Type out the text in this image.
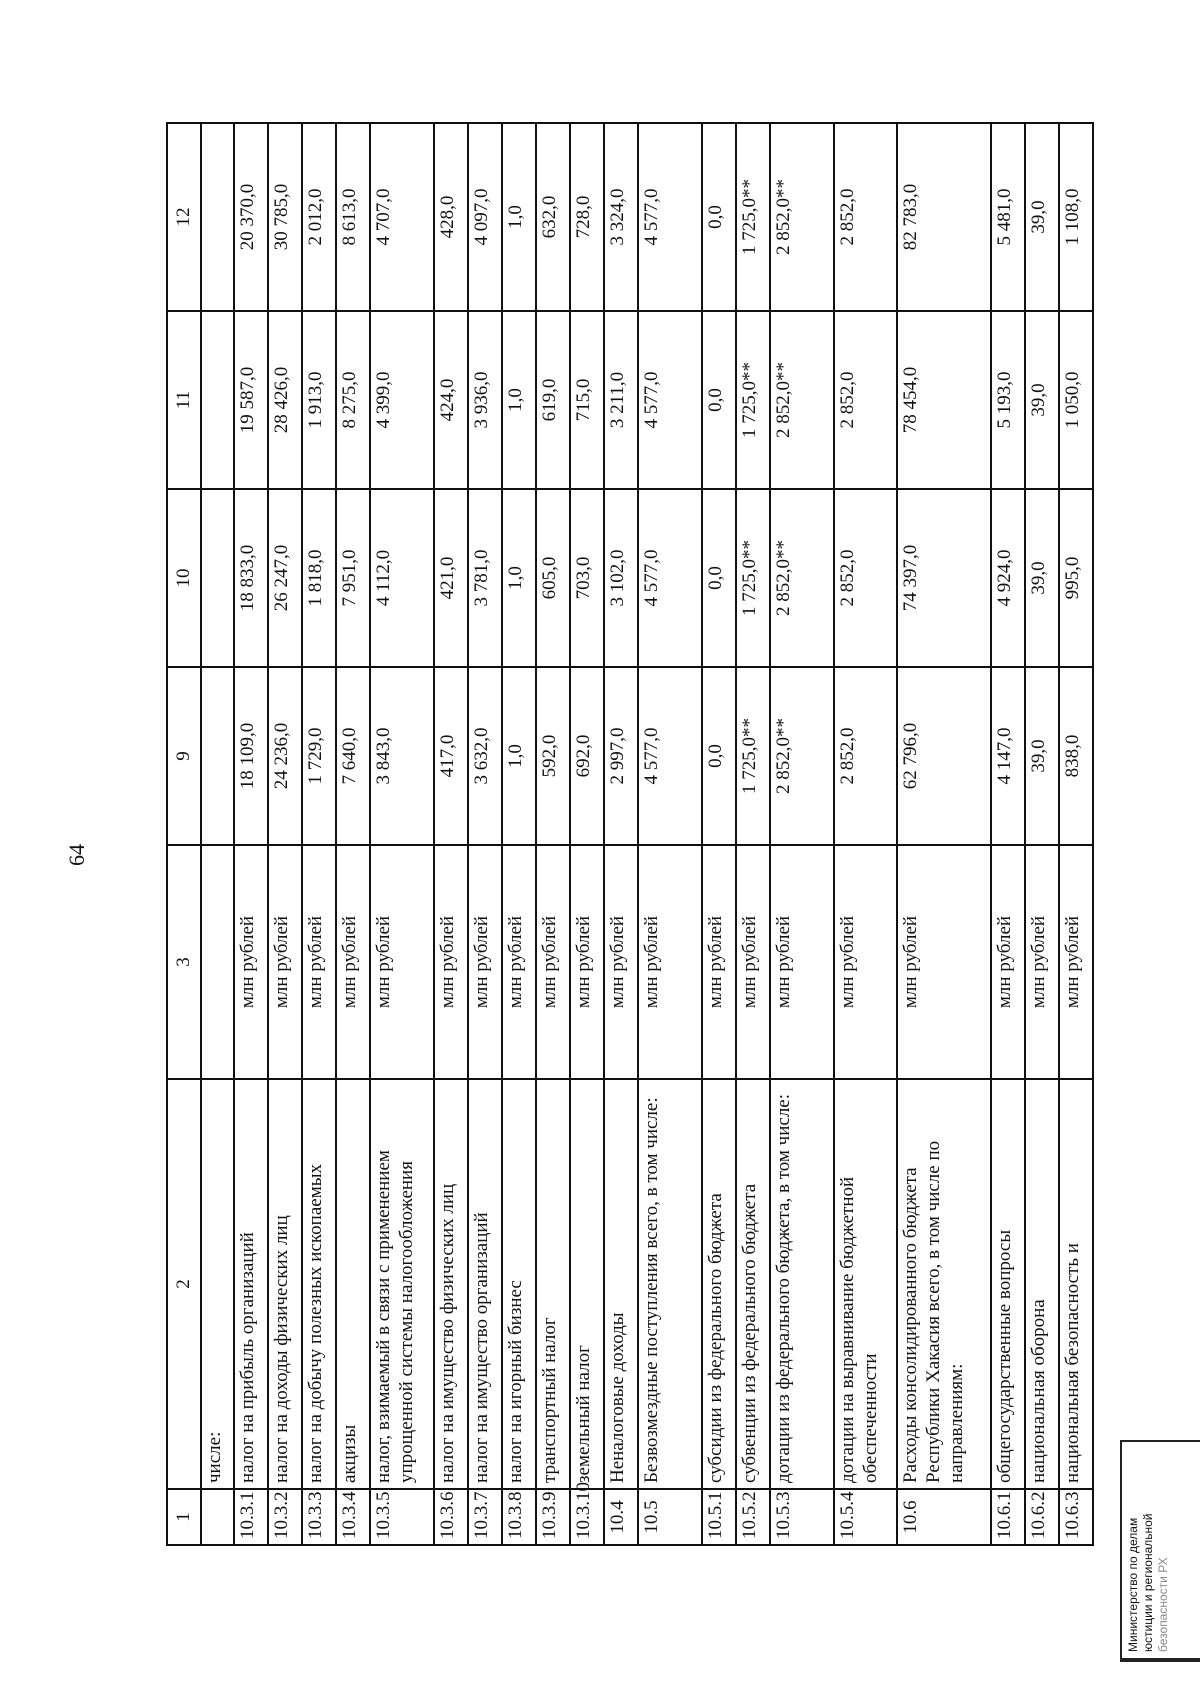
64
1	2	3	9	10	11	12
	числе:					
10.3.1	налог на прибыль организаций	млн рублей	18 109,0	18 833,0	19 587,0	20 370,0
10.3.2	налог на доходы физических лиц	млн рублей	24 236,0	26 247,0	28 426,0	30 785,0
10.3.3	налог на добычу полезных ископаемых	млн рублей	1 729,0	1 818,0	1 913,0	2 012,0
10.3.4	акцизы	млн рублей	7 640,0	7 951,0	8 275,0	8 613,0
10.3.5	налог, взимаемый в связи с применением упрощенной системы налогообложения	млн рублей	3 843,0	4 112,0	4 399,0	4 707,0
10.3.6	налог на имущество физических лиц	млн рублей	417,0	421,0	424,0	428,0
10.3.7	налог на имущество организаций	млн рублей	3 632,0	3 781,0	3 936,0	4 097,0
10.3.8	налог на игорный бизнес	млн рублей	1,0	1,0	1,0	1,0
10.3.9	транспортный налог	млн рублей	592,0	605,0	619,0	632,0
10.3.10	земельный налог	млн рублей	692,0	703,0	715,0	728,0
10.4	Неналоговые доходы	млн рублей	2 997,0	3 102,0	3 211,0	3 324,0
10.5	Безвозмездные поступления всего, в том числе:	млн рублей	4 577,0	4 577,0	4 577,0	4 577,0
10.5.1	субсидии из федерального бюджета	млн рублей	0,0	0,0	0,0	0,0
10.5.2	субвенции из федерального бюджета	млн рублей	1 725,0**	1 725,0**	1 725,0**	1 725,0**
10.5.3	дотации из федерального бюджета, в том числе:	млн рублей	2 852,0**	2 852,0**	2 852,0**	2 852,0**
10.5.4	дотации на выравнивание бюджетной обеспеченности	млн рублей	2 852,0	2 852,0	2 852,0	2 852,0
10.6	Расходы консолидированного бюджета Республики Хакасия всего, в том числе по направлениям:	млн рублей	62 796,0	74 397,0	78 454,0	82 783,0
10.6.1	общегосударственные вопросы	млн рублей	4 147,0	4 924,0	5 193,0	5 481,0
10.6.2	национальная оборона	млн рублей	39,0	39,0	39,0	39,0
10.6.3	национальная безопасность и	млн рублей	838,0	995,0	1 050,0	1 108,0
Министерство по делам юстиции и региональной безопасности РХ
